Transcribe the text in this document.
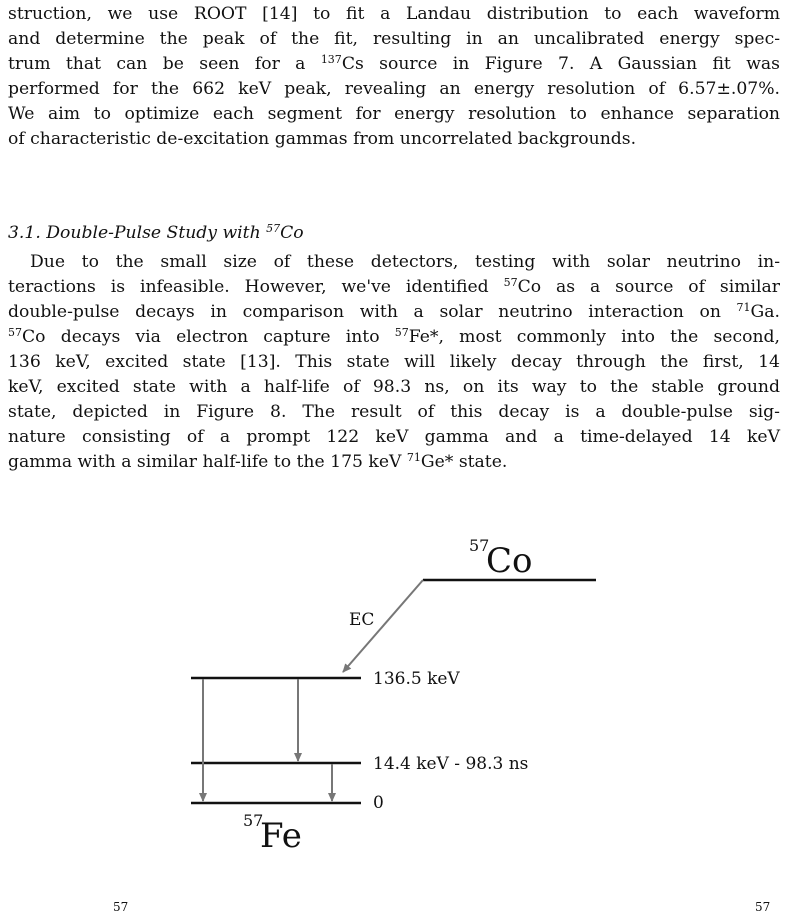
struction, we use ROOT [14] to fit a Landau distribution to each waveform
and determine the peak of the fit, resulting in an uncalibrated energy spec-
trum that can be seen for a $^{137}$Cs source in Figure 7. A Gaussian fit was
performed for the 662 keV peak, revealing an energy resolution of 6.57±.07%.
We aim to optimize each segment for energy resolution to enhance separation
of characteristic de-excitation gammas from uncorrelated backgrounds.

3.1. Double-Pulse Study with $^{57}$Co

Due to the small size of these detectors, testing with solar neutrino in-
teractions is infeasible. However, we've identified $^{57}$Co as a source of similar
double-pulse decays in comparison with a solar neutrino interaction on $^{71}$Ga.
$^{57}$Co decays via electron capture into $^{57}$Fe*, most commonly into the second,
136 keV, excited state [13]. This state will likely decay through the first, 14
keV, excited state with a half-life of 98.3 ns, on its way to the stable ground
state, depicted in Figure 8. The result of this decay is a double-pulse sig-
nature consisting of a prompt 122 keV gamma and a time-delayed 14 keV
gamma with a similar half-life to the 175 keV $^{71}$Ge* state.

57
Co
EC
136.5 keV
14.4 keV - 98.3 ns
0
57
Fe
57	57
